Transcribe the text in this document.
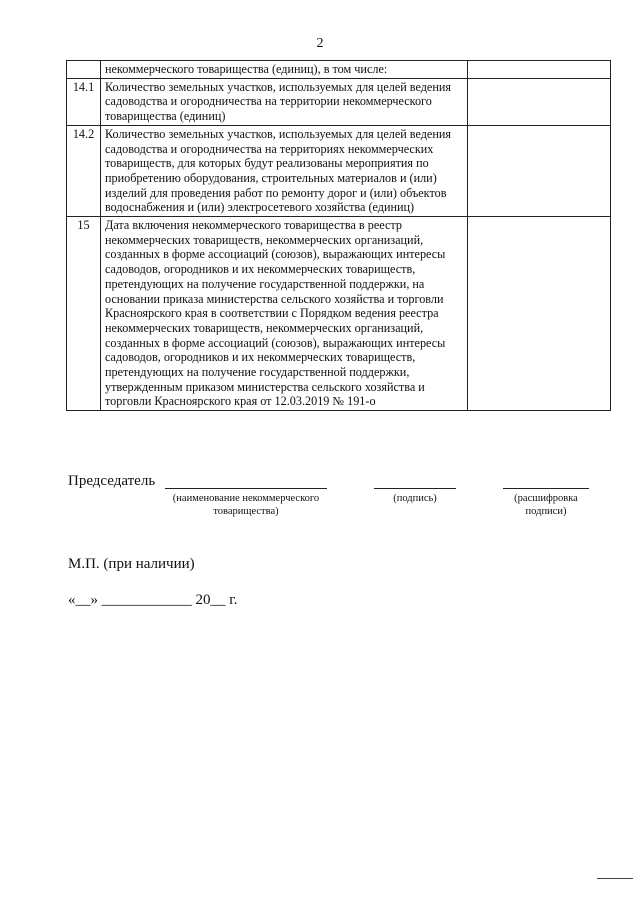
2
	некоммерческого товарищества (единиц), в том числе:	
14.1	Количество земельных участков, используемых для целей ведения садоводства и огородничества на территории некоммерческого товарищества (единиц)	
14.2	Количество земельных участков, используемых для целей ведения садоводства и огородничества на территориях некоммерческих товариществ, для которых будут реализованы мероприятия по приобретению оборудования, строительных материалов и (или) изделий для проведения работ по ремонту дорог и (или) объектов водоснабжения и (или) электросетевого хозяйства (единиц)	
15	Дата включения некоммерческого товарищества в реестр некоммерческих товариществ, некоммерческих организаций, созданных в форме ассоциаций (союзов), выражающих интересы садоводов, огородников и их некоммерческих товариществ, претендующих на получение государственной поддержки, на основании приказа министерства сельского хозяйства и торговли Красноярского края в соответствии с Порядком ведения реестра некоммерческих товариществ, некоммерческих организаций, созданных в форме ассоциаций (союзов), выражающих интересы садоводов, огородников и их некоммерческих товариществ, претендующих на получение государственной поддержки, утвержденным приказом министерства сельского хозяйства и торговли Красноярского края от 12.03.2019 № 191-о	
Председатель
(наименование некоммерческого товарищества)
(подпись)	(расшифровка подписи)
М.П. (при наличии)
«__» ____________ 20__ г.
